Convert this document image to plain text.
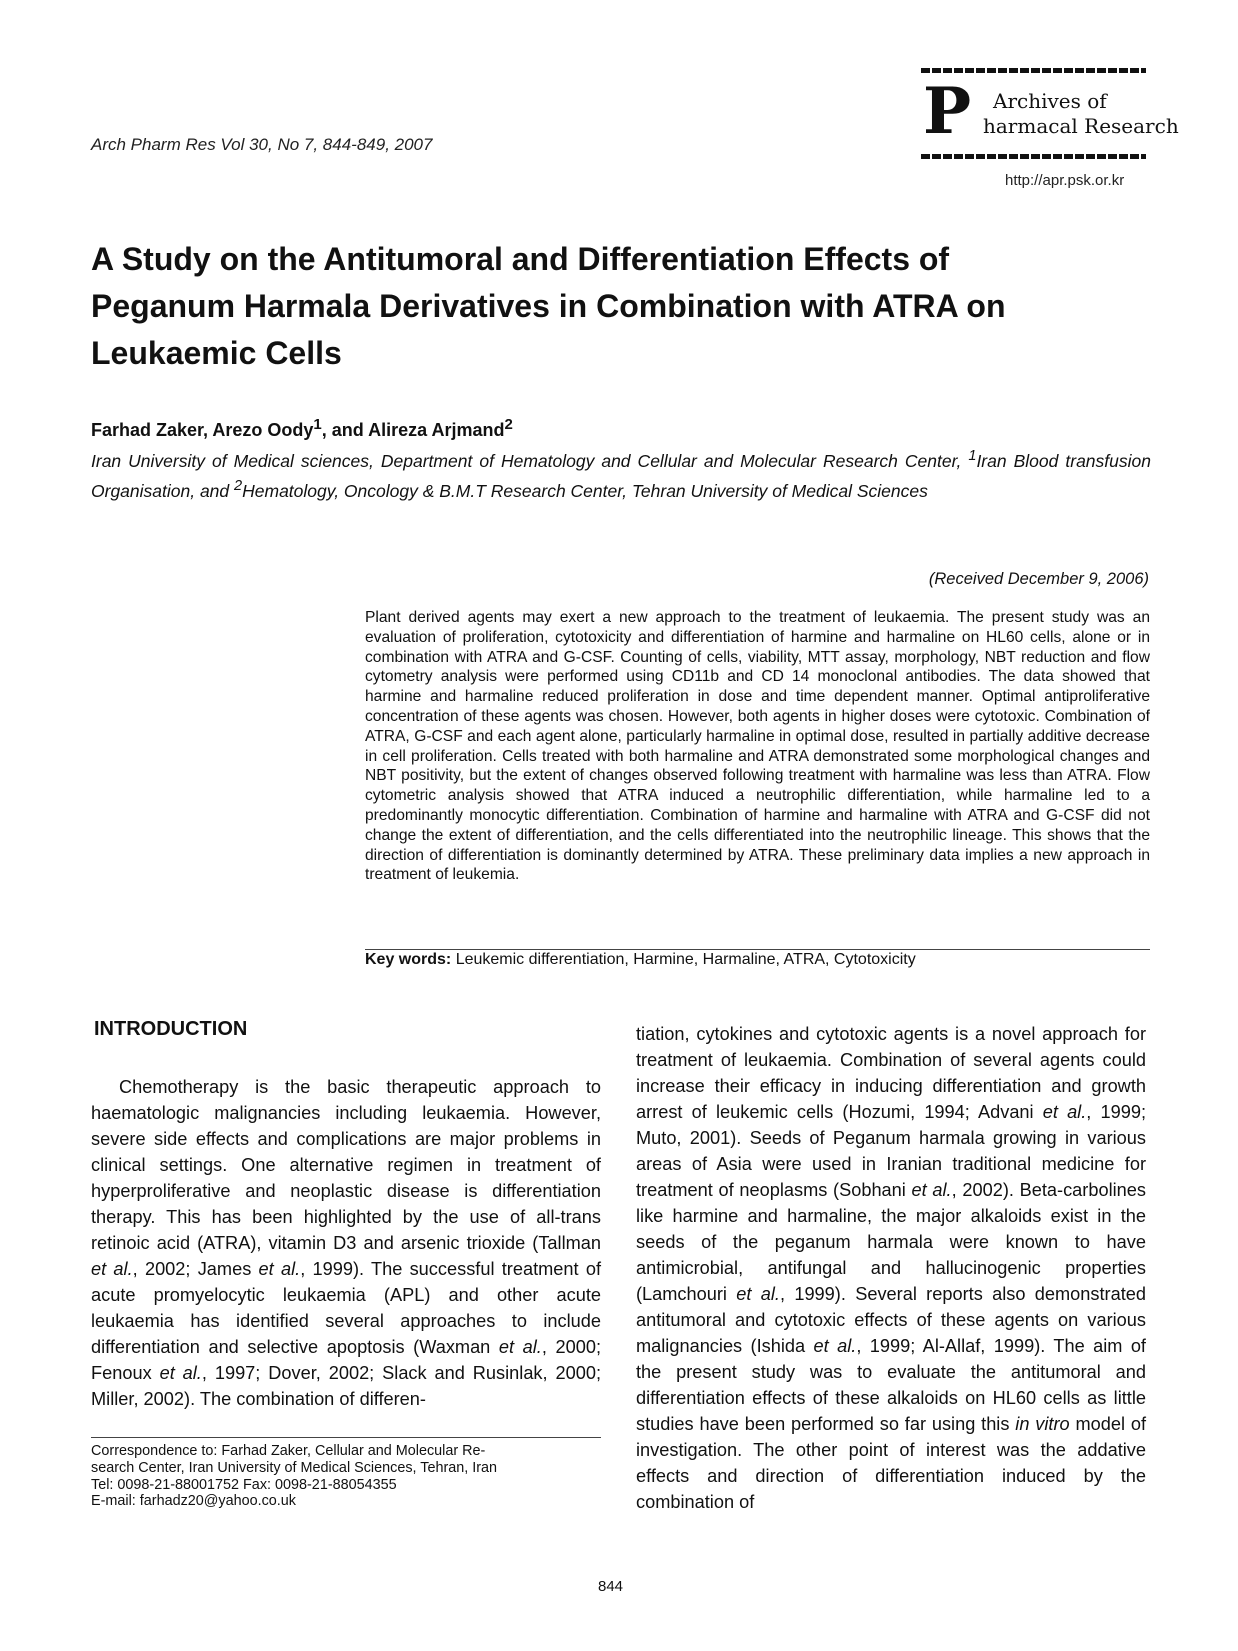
Arch Pharm Res Vol 30, No 7, 844-849, 2007	P Archives of
harmacal Research
http://apr.psk.or.kr
A Study on the Antitumoral and Differentiation Effects of Peganum Harmala Derivatives in Combination with ATRA on Leukaemic Cells
Farhad Zaker, Arezo Oody$^1$, and Alireza Arjmand$^2$
Iran University of Medical sciences, Department of Hematology and Cellular and Molecular Research Center, $^1$Iran Blood transfusion Organisation, and $^2$Hematology, Oncology & B.M.T Research Center, Tehran University of Medical Sciences
(Received December 9, 2006)
Plant derived agents may exert a new approach to the treatment of leukaemia. The present study was an evaluation of proliferation, cytotoxicity and differentiation of harmine and harmaline on HL60 cells, alone or in combination with ATRA and G-CSF. Counting of cells, viability, MTT assay, morphology, NBT reduction and flow cytometry analysis were performed using CD11b and CD 14 monoclonal antibodies. The data showed that harmine and harmaline reduced proliferation in dose and time dependent manner. Optimal antiproliferative concentration of these agents was chosen. However, both agents in higher doses were cytotoxic. Combination of ATRA, G-CSF and each agent alone, particularly harmaline in optimal dose, resulted in partially additive decrease in cell proliferation. Cells treated with both harmaline and ATRA demonstrated some morphological changes and NBT positivity, but the extent of changes observed following treatment with harmaline was less than ATRA. Flow cytometric analysis showed that ATRA induced a neutrophilic differentiation, while harmaline led to a predominantly monocytic differentiation. Combination of harmine and harmaline with ATRA and G-CSF did not change the extent of differentiation, and the cells differentiated into the neutrophilic lineage. This shows that the direction of differentiation is dominantly determined by ATRA. These preliminary data implies a new approach in treatment of leukemia.
Key words: Leukemic differentiation, Harmine, Harmaline, ATRA, Cytotoxicity
INTRODUCTION
Chemotherapy is the basic therapeutic approach to haematologic malignancies including leukaemia. However, severe side effects and complications are major problems in clinical settings. One alternative regimen in treatment of hyperproliferative and neoplastic disease is differentiation therapy. This has been highlighted by the use of all-trans retinoic acid (ATRA), vitamin D3 and arsenic trioxide (Tallman et al., 2002; James et al., 1999). The successful treatment of acute promyelocytic leukaemia (APL) and other acute leukaemia has identified several approaches to include differentiation and selective apoptosis (Waxman et al., 2000; Fenoux et al., 1997; Dover, 2002; Slack and Rusinlak, 2000; Miller, 2002). The combination of differen-
tiation, cytokines and cytotoxic agents is a novel approach for treatment of leukaemia. Combination of several agents could increase their efficacy in inducing differentiation and growth arrest of leukemic cells (Hozumi, 1994; Advani et al., 1999; Muto, 2001). Seeds of Peganum harmala growing in various areas of Asia were used in Iranian traditional medicine for treatment of neoplasms (Sobhani et al., 2002). Beta-carbolines like harmine and harmaline, the major alkaloids exist in the seeds of the peganum harmala were known to have antimicrobial, antifungal and hallucinogenic properties (Lamchouri et al., 1999). Several reports also demonstrated antitumoral and cytotoxic effects of these agents on various malignancies (Ishida et al., 1999; Al-Allaf, 1999). The aim of the present study was to evaluate the antitumoral and differentiation effects of these alkaloids on HL60 cells as little studies have been performed so far using this in vitro model of investigation. The other point of interest was the addative effects and direction of differentiation induced by the combination of
Correspondence to: Farhad Zaker, Cellular and Molecular Re-
search Center, Iran University of Medical Sciences, Tehran, Iran
Tel: 0098-21-88001752 Fax: 0098-21-88054355
E-mail: farhadz20@yahoo.co.uk
844
